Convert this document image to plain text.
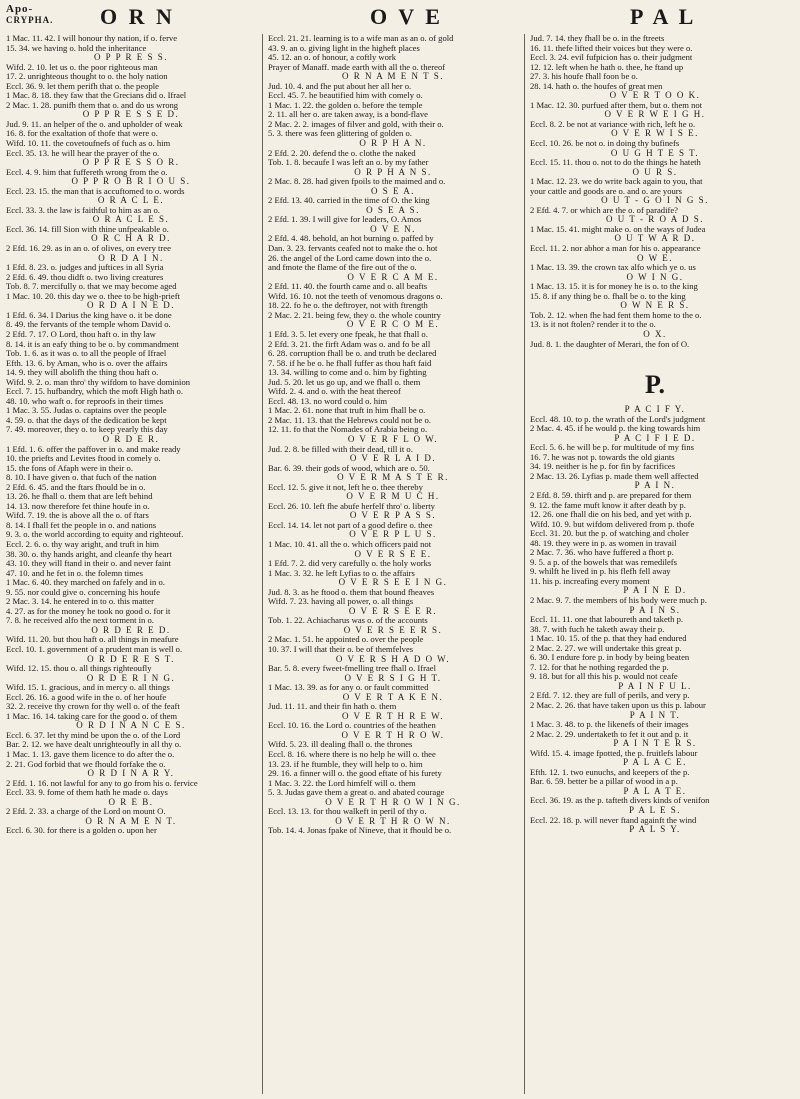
Apo-
CRYPHA. O R N	O V E	P A L
1 Mac. 11. 42. I will honour thy nation, if o. ferve
15. 34. we having o. hold the inheritance
O P P R E S S.
Wifd. 2. 10. let us o. the poor righteous man
17. 2. unrighteous thought to o. the holy nation
Eccl. 36. 9. let them perifh that o. the people
1 Mac. 8. 18. they faw that the Grecians did o. Ifrael
2 Mac. 1. 28. punifh them that o. and do us wrong
O P P R E S S E D.
Jud. 9. 11. an helper of the o. and upholder of weak
16. 8. for the exaltation of thofe that were o.
Wifd. 10. 11. the covetoufnefs of fuch as o. him
Eccl. 35. 13. he will hear the prayer of the o.
O P P R E S S O R.
Eccl. 4. 9. him that fuffereth wrong from the o.
O P P R O B R I O U S.
Eccl. 23. 15. the man that is accuftomed to o. words
O R A C L E.
Eccl. 33. 3. the law is faithful to him as an o.
O R A C L E S.
Eccl. 36. 14. fill Sion with thine unfpeakable o.
O R C H A R D.
2 Efd. 16. 29. as in an o. of olives, on every tree
O R D A I N.
1 Efd. 8. 23. o. judges and juftices in all Syria
2 Efd. 6. 49. thou didft o. two living creatures
Tob. 8. 7. mercifully o. that we may become aged
1 Mac. 10. 20. this day we o. thee to be high-prieft
O R D A I N E D.
1 Efd. 6. 34. I Darius the king have o. it be done
8. 49. the fervants of the temple whom David o.
2 Efd. 7. 17. O Lord, thou haft o. in thy law
8. 14. it is an eafy thing to be o. by commandment
Tob. 1. 6. as it was o. to all the people of Ifrael
Efth. 13. 6. by Aman, who is o. over the affairs
14. 9. they will abolifh the thing thou haft o.
Wifd. 9. 2. o. man thro' thy wifdom to have dominion
Eccl. 7. 15. hufbandry, which the moft High hath o.
48. 10. who waft o. for reproofs in their times
1 Mac. 3. 55. Judas o. captains over the people
4. 59. o. that the days of the dedication be kept
7. 49. moreover, they o. to keep yearly this day
O R D E R.
1 Efd. 1. 6. offer the paffover in o. and make ready
10. the priefts and Levites ftood in comely o.
15. the fons of Afaph were in their o.
8. 10. I have given o. that fuch of the nation
2 Efd. 6. 45. and the ftars fhould be in o.
13. 26. he fhall o. them that are left behind
14. 13. now therefore fet thine houfe in o.
Wifd. 7. 19. the is above all the o. of ftars
8. 14. I fhall fet the people in o. and nations
9. 3. o. the world according to equity and righteouf.
Eccl. 2. 6. o. thy way aright, and truft in him
38. 30. o. thy hands aright, and cleanfe thy heart
43. 10. they will ftand in their o. and never faint
47. 10. and he fet in o. the folemn times
1 Mac. 6. 40. they marched on fafely and in o.
9. 55. nor could give o. concerning his houfe
2 Mac. 3. 14. he entered in to o. this matter
4. 27. as for the money he took no good o. for it
7. 8. he received alfo the next torment in o.
O R D E R E D.
Wifd. 11. 20. but thou haft o. all things in meafure
Eccl. 10. 1. government of a prudent man is well o.
O R D E R E S T.
Wifd. 12. 15. thou o. all things righteoufly
O R D E R I N G.
Wifd. 15. 1. gracious, and in mercy o. all things
Eccl. 26. 16. a good wife in the o. of her houfe
32. 2. receive thy crown for thy well o. of the feaft
1 Mac. 16. 14. taking care for the good o. of them
O R D I N A N C E S.
Eccl. 6. 37. let thy mind be upon the o. of the Lord
Bar. 2. 12. we have dealt unrighteoufly in all thy o.
1 Mac. 1. 13. gave them licence to do after the o.
2. 21. God forbid that we fhould forfake the o.
O R D I N A R Y.
2 Efd. 1. 16. not lawful for any to go from his o. fervice
Eccl. 33. 9. fome of them hath he made o. days
O R E B.
2 Efd. 2. 33. a charge of the Lord on mount O.
O R N A M E N T.
Eccl. 6. 30. for there is a golden o. upon her
Eccl. 21. 21. learning is to a wife man as an o. of gold
43. 9. an o. giving light in the higheft places
45. 12. an o. of honour, a coftly work
Prayer of Manaff. made earth with all the o. thereof
O R N A M E N T S.
Jud. 10. 4. and fhe put about her all her o.
Eccl. 45. 7. he beautified him with comely o.
1 Mac. 1. 22. the golden o. before the temple
2. 11. all her o. are taken away, is a bond-flave
2 Mac. 2. 2. images of filver and gold, with their o.
5. 3. there was feen glittering of golden o.
O R P H A N.
2 Efd. 2. 20. defend the o. clothe the naked
Tob. 1. 8. becaufe I was left an o. by my father
O R P H A N S.
2 Mac. 8. 28. had given fpoils to the maimed and o.
O S E A.
2 Efd. 13. 40. carried in the time of O. the king
O S E A S.
2 Efd. 1. 39. I will give for leaders, O. Amos
O V E N.
2 Efd. 4. 48. behold, an hot burning o. paffed by
Dan. 3. 23. fervants ceafed not to make the o. hot
26. the angel of the Lord came down into the o.
and fmote the flame of the fire out of the o.
O V E R C A M E.
2 Efd. 11. 40. the fourth came and o. all beafts
Wifd. 16. 10. not the teeth of venomous dragons o.
18. 22. fo he o. the deftroyer, not with ftrength
2 Mac. 2. 21. being few, they o. the whole country
O V E R C O M E.
1 Efd. 3. 5. let every one fpeak, he that fhall o.
2 Efd. 3. 21. the firft Adam was o. and fo be all
6. 28. corruption fhall be o. and truth be declared
7. 58. if he be o. he fhall fuffer as thou haft faid
13. 34. willing to come and o. him by fighting
Jud. 5. 20. let us go up, and we fhall o. them
Wifd. 2. 4. and o. with the heat thereof
Eccl. 48. 13. no word could o. him
1 Mac. 2. 61. none that truft in him fhall be o.
2 Mac. 11. 13. that the Hebrews could not be o.
12. 11. fo that the Nomades of Arabia being o.
O V E R F L O W.
Jud. 2. 8. be filled with their dead, till it o.
O V E R L A I D.
Bar. 6. 39. their gods of wood, which are o. 50.
O V E R M A S T E R.
Eccl. 12. 5. give it not, left he o. thee thereby
O V E R M U C H.
Eccl. 26. 10. left fhe abufe herfelf thro' o. liberty
O V E R P A S S.
Eccl. 14. 14. let not part of a good defire o. thee
O V E R P L U S.
1 Mac. 10. 41. all the o. which officers paid not
O V E R S E E.
1 Efd. 7. 2. did very carefully o. the holy works
1 Mac. 3. 32. he left Lyfias to o. the affairs
O V E R S E E I N G.
Jud. 8. 3. as he ftood o. them that bound fheaves
Wifd. 7. 23. having all power, o. all things
O V E R S E E R.
Tob. 1. 22. Achiacharus was o. of the accounts
O V E R S E E R S.
2 Mac. 1. 51. he appointed o. over the people
10. 37. I will that their o. be of themfelves
O V E R S H A D O W.
Bar. 5. 8. every fweet-fmelling tree fhall o. Ifrael
O V E R S I G H T.
1 Mac. 13. 39. as for any o. or fault committed
O V E R T A K E N.
Jud. 11. 11. and their fin hath o. them
O V E R T H R E W.
Eccl. 10. 16. the Lord o. countries of the heathen
O V E R T H R O W.
Wifd. 5. 23. ill dealing fhall o. the thrones
Eccl. 8. 16. where there is no help he will o. thee
13. 23. if he ftumble, they will help to o. him
29. 16. a finner will o. the good eftate of his furety
1 Mac. 3. 22. the Lord himfelf will o. them
5. 3. Judas gave them a great o. and abated courage
O V E R T H R O W I N G.
Eccl. 13. 13. for thou walkeft in peril of thy o.
O V E R T H R O W N.
Tob. 14. 4. Jonas fpake of Nineve, that it fhould be o.
Jud. 7. 14. they fhall be o. in the ftreets
16. 11. thefe lifted their voices but they were o.
Eccl. 3. 24. evil fufpicion has o. their judgment
12. 12. left when he hath o. thee, he ftand up
27. 3. his houfe fhall foon be o.
28. 14. hath o. the houfes of great men
O V E R T O O K.
1 Mac. 12. 30. purfued after them, but o. them not
O V E R W E I G H.
Eccl. 8. 2. be not at variance with rich, left he o.
O V E R W I S E.
Eccl. 10. 26. be not o. in doing thy bufinefs
O U G H T E S T.
Eccl. 15. 11. thou o. not to do the things he hateth
O U R S.
1 Mac. 12. 23. we do write back again to you, that
your cattle and goods are o. and o. are yours
O U T - G O I N G S.
2 Efd. 4. 7. or which are the o. of paradife?
O U T - R O A D S.
1 Mac. 15. 41. might make o. on the ways of Judea
O U T W A R D.
Eccl. 11. 2. nor abhor a man for his o. appearance
O W E.
1 Mac. 13. 39. the crown tax alfo which ye o. us
O W I N G.
1 Mac. 13. 15. it is for money he is o. to the king
15. 8. if any thing be o. fhall be o. to the king
O W N E R S.
Tob. 2. 12. when fhe had fent them home to the o.
13. is it not ftolen? render it to the o.
O X.
Jud. 8. 1. the daughter of Merari, the fon of O.
P.
P A C I F Y.
Eccl. 48. 10. to p. the wrath of the Lord's judgment
2 Mac. 4. 45. if he would p. the king towards him
P A C I F I E D.
Eccl. 5. 6. he will be p. for multitude of my fins
16. 7. he was not p. towards the old giants
34. 19. neither is he p. for fin by facrifices
2 Mac. 13. 26. Lyfias p. made them well affected
P A I N.
2 Efd. 8. 59. thirft and p. are prepared for them
9. 12. the fame muft know it after death by p.
12. 26. one fhall die on his bed, and yet with p.
Wifd. 10. 9. but wifdom delivered from p. thofe
Eccl. 31. 20. but the p. of watching and choler
48. 19. they were in p. as women in travail
2 Mac. 7. 36. who have fuffered a fhort p.
9. 5. a p. of the bowels that was remedilefs
9. whilft he lived in p. his flefh fell away
11. his p. increafing every moment
P A I N E D.
2 Mac. 9. 7. the members of his body were much p.
P A I N S.
Eccl. 11. 11. one that laboureth and taketh p.
38. 7. with fuch he taketh away their p.
1 Mac. 10. 15. of the p. that they had endured
2 Mac. 2. 27. we will undertake this great p.
6. 30. I endure fore p. in body by being beaten
7. 12. for that he nothing regarded the p.
9. 18. but for all this his p. would not ceafe
P A I N F U L.
2 Efd. 7. 12. they are full of perils, and very p.
2 Mac. 2. 26. that have taken upon us this p. labour
P A I N T.
1 Mac. 3. 48. to p. the likenefs of their images
2 Mac. 2. 29. undertaketh to fet it out and p. it
P A I N T E R S.
Wifd. 15. 4. image fpotted, the p. fruitlefs labour
P A L A C E.
Efth. 12. 1. two eunuchs, and keepers of the p.
Bar. 6. 59. better be a pillar of wood in a p.
P A L A T E.
Eccl. 36. 19. as the p. tafteth divers kinds of venifon
P A L E S.
Eccl. 22. 18. p. will never ftand againft the wind
P A L S Y.
